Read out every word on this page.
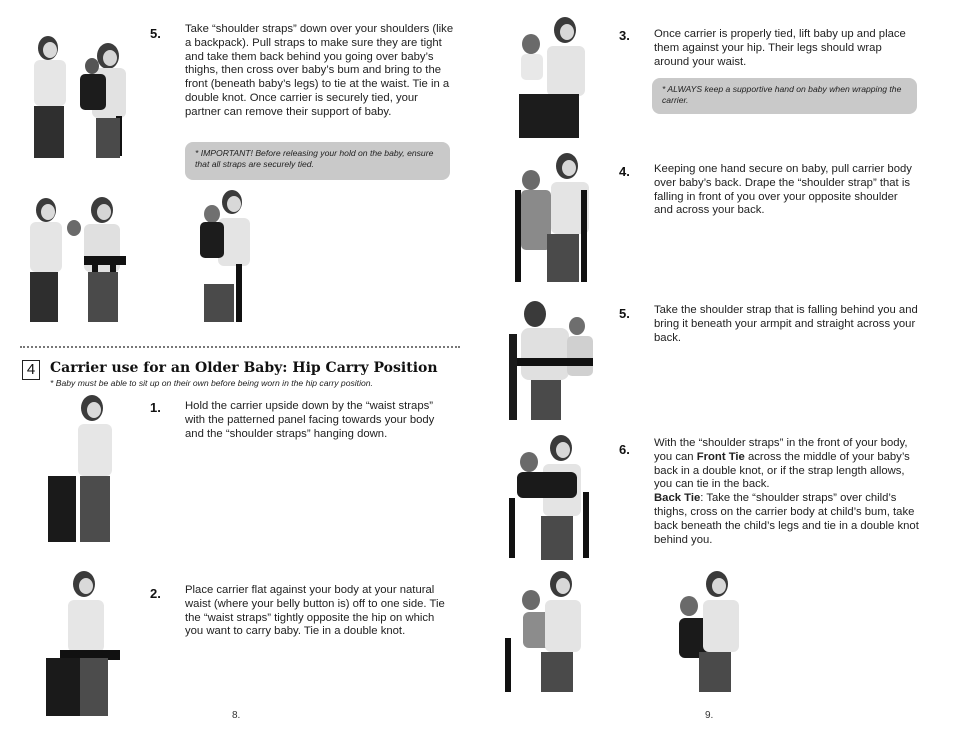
5. Take “shoulder straps” down over your shoulders (like a backpack). Pull straps to make sure they are tight and take them back behind you going over baby’s thighs, then cross over baby’s bum and bring to the front (beneath baby’s legs) to tie at the waist. Tie in a double knot. Once carrier is securely tied, your partner can remove their support of baby.

* IMPORTANT! Before releasing your hold on the baby, ensure that all straps are securely tied.
4	Carrier use for an Older Baby: Hip Carry Position
* Baby must be able to sit up on their own before being worn in the hip carry position.
1. Hold the carrier upside down by the “waist straps” with the patterned panel facing towards your body and the “shoulder straps” hanging down.

2. Place carrier flat against your body at your natural waist (where your belly button is) off to one side. Tie the “waist straps” tightly opposite the hip on which you want to carry baby. Tie in a double knot.

8.
3. Once carrier is properly tied, lift baby up and place them against your hip. Their legs should wrap around your waist.

* ALWAYS keep a supportive hand on baby when wrapping the carrier.
4. Keeping one hand secure on baby, pull carrier body over baby’s back. Drape the “shoulder strap” that is falling in front of you over your opposite shoulder and across your back.

5. Take the shoulder strap that is falling behind you and bring it beneath your armpit and straight across your back.

6. With the “shoulder straps” in the front of your body, you can Front Tie across the middle of your baby’s back in a double knot, or if the strap length allows, you can tie in the back.
Back Tie: Take the “shoulder straps” over child’s thighs, cross on the carrier body at child’s bum, take back beneath the child’s legs and tie in a double knot behind you.

9.
